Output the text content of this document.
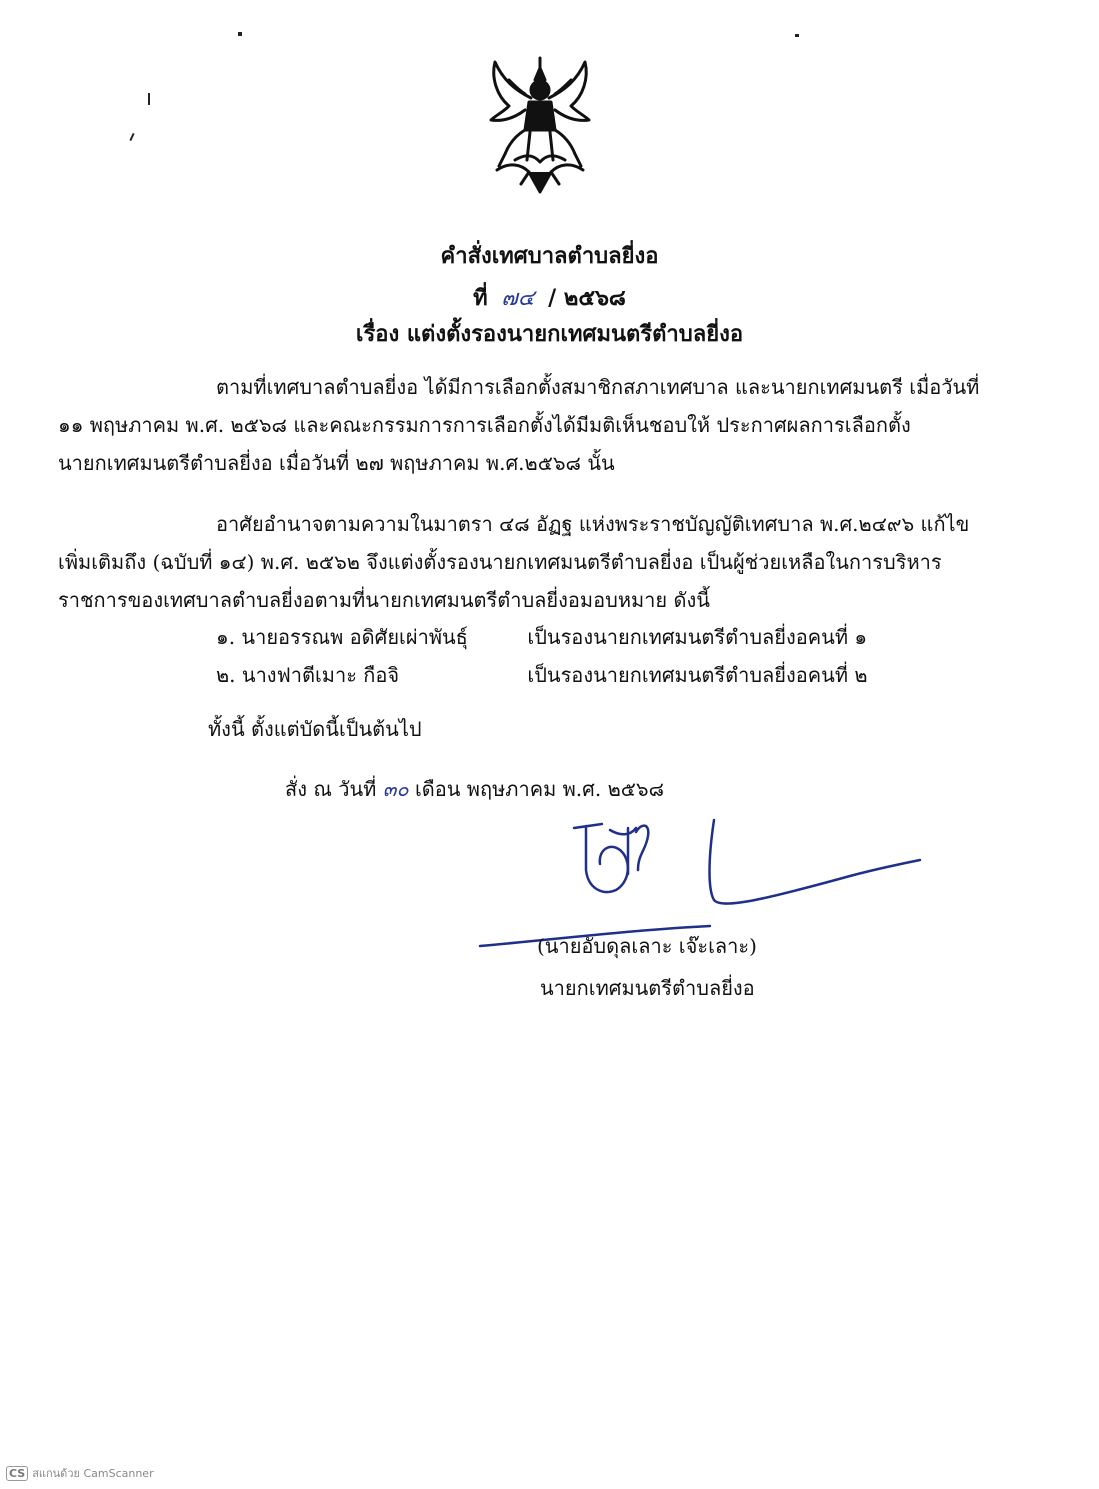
คำสั่งเทศบาลตำบลยี่งอ
ที่ ๗๔ / ๒๕๖๘
เรื่อง แต่งตั้งรองนายกเทศมนตรีตำบลยี่งอ
ตามที่เทศบาลตำบลยี่งอ ได้มีการเลือกตั้งสมาชิกสภาเทศบาล และนายกเทศมนตรี เมื่อวันที่
๑๑ พฤษภาคม พ.ศ. ๒๕๖๘ และคณะกรรมการการเลือกตั้งได้มีมติเห็นชอบให้ ประกาศผลการเลือกตั้ง
นายกเทศมนตรีตำบลยี่งอ เมื่อวันที่ ๒๗ พฤษภาคม พ.ศ.๒๕๖๘ นั้น
อาศัยอำนาจตามความในมาตรา ๔๘ อัฏฐ แห่งพระราชบัญญัติเทศบาล พ.ศ.๒๔๙๖ แก้ไข
เพิ่มเติมถึง (ฉบับที่ ๑๔) พ.ศ. ๒๕๖๒ จึงแต่งตั้งรองนายกเทศมนตรีตำบลยี่งอ เป็นผู้ช่วยเหลือในการบริหาร
ราชการของเทศบาลตำบลยี่งอตามที่นายกเทศมนตรีตำบลยี่งอมอบหมาย ดังนี้
๑. นายอรรณพ อดิศัยเผ่าพันธุ์	เป็นรองนายกเทศมนตรีตำบลยี่งอคนที่ ๑
๒. นางฟาตีเมาะ กือจิ	เป็นรองนายกเทศมนตรีตำบลยี่งอคนที่ ๒
ทั้งนี้ ตั้งแต่บัดนี้เป็นต้นไป
สั่ง ณ วันที่ ๓๐ เดือน พฤษภาคม พ.ศ. ๒๕๖๘
(นายอับดุลเลาะ เจ๊ะเลาะ)
นายกเทศมนตรีตำบลยี่งอ
CS สแกนด้วย CamScanner
